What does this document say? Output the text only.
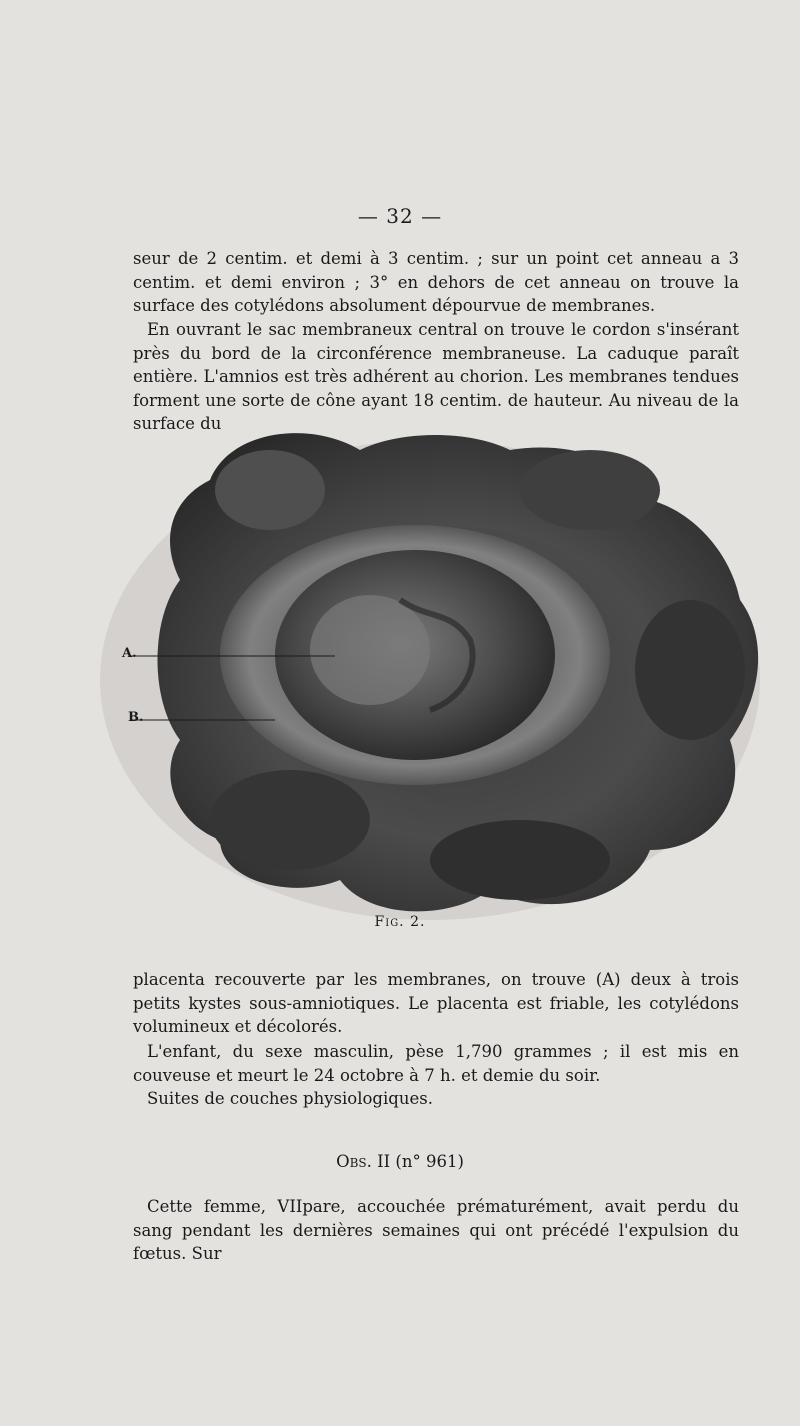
— 32 —

seur de 2 centim. et demi à 3 centim. ; sur un point cet anneau a 3 centim. et demi environ ; 3° en dehors de cet anneau on trouve la surface des cotylédons absolument dépourvue de membranes.

En ouvrant le sac membraneux central on trouve le cordon s'insérant près du bord de la circonférence membraneuse. La caduque paraît entière. L'amnios est très adhérent au chorion. Les membranes tendues forment une sorte de cône ayant 18 centim. de hauteur. Au niveau de la surface du

A.
B.
Fig. 2.

placenta recouverte par les membranes, on trouve (A) deux à trois petits kystes sous-amniotiques. Le placenta est friable, les cotylédons volumineux et décolorés.

L'enfant, du sexe masculin, pèse 1,790 grammes ; il est mis en couveuse et meurt le 24 octobre à 7 h. et demie du soir.

Suites de couches physiologiques.

Obs. II (n° 961)

Cette femme, VIIpare, accouchée prématurément, avait perdu du sang pendant les dernières semaines qui ont précédé l'expulsion du fœtus. Sur
